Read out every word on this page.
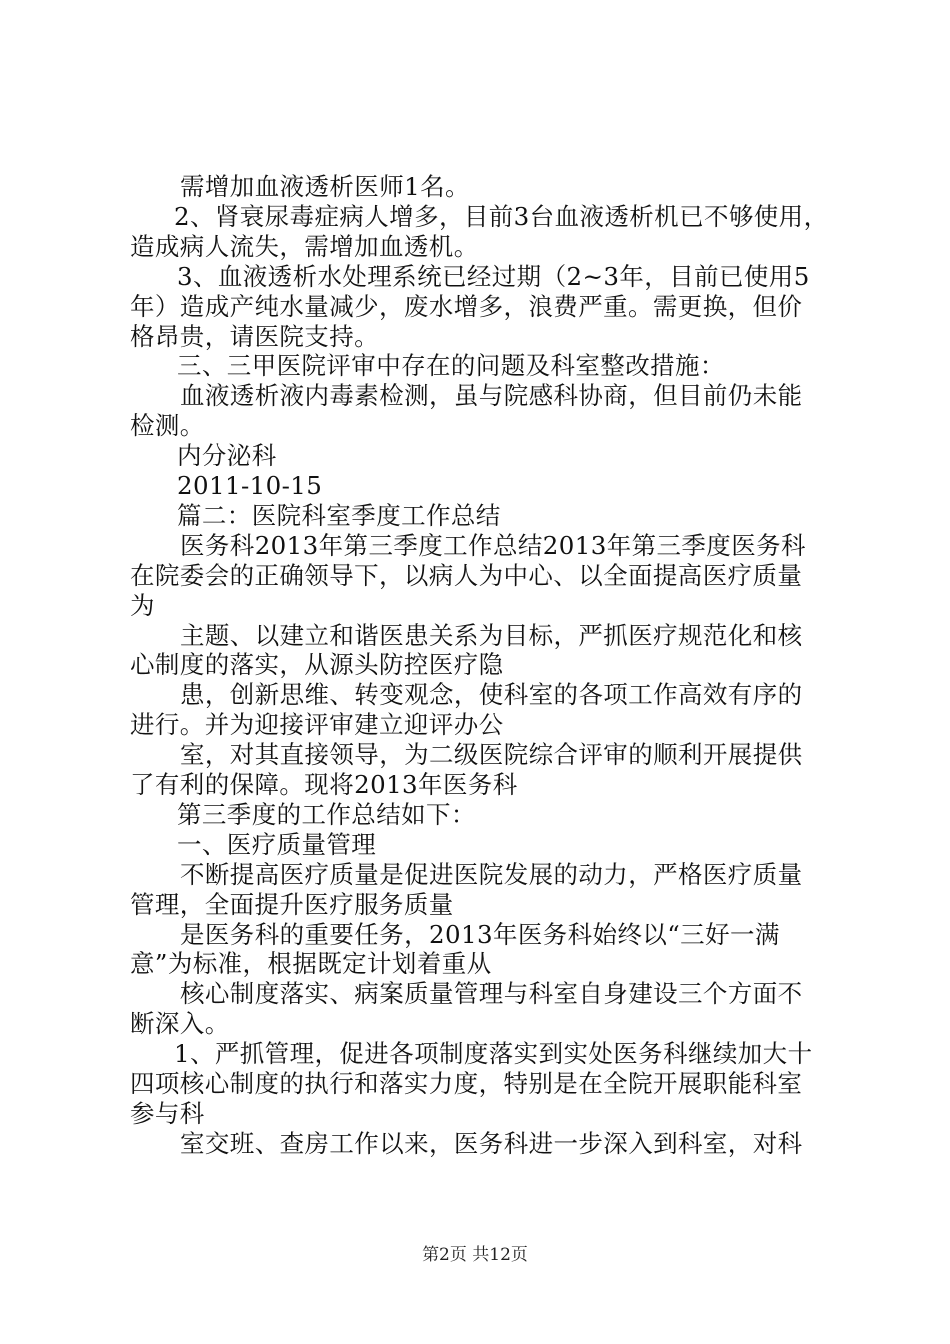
需增加血液透析医师1名。
2、肾衰尿毒症病人增多，目前3台血液透析机已不够使用，
造成病人流失，需增加血透机。
3、血液透析水处理系统已经过期（2~3年，目前已使用5
年）造成产纯水量减少，废水增多，浪费严重。需更换，但价
格昂贵，请医院支持。
三、三甲医院评审中存在的问题及科室整改措施：
血液透析液内毒素检测，虽与院感科协商，但目前仍未能
检测。
内分泌科
2011-10-15
篇二：医院科室季度工作总结
医务科2013年第三季度工作总结2013年第三季度医务科
在院委会的正确领导下，以病人为中心、以全面提高医疗质量
为
主题、以建立和谐医患关系为目标，严抓医疗规范化和核
心制度的落实，从源头防控医疗隐
患，创新思维、转变观念，使科室的各项工作高效有序的
进行。并为迎接评审建立迎评办公
室，对其直接领导，为二级医院综合评审的顺利开展提供
了有利的保障。现将2013年医务科
第三季度的工作总结如下：
一、医疗质量管理
不断提高医疗质量是促进医院发展的动力，严格医疗质量
管理，全面提升医疗服务质量
是医务科的重要任务，2013年医务科始终以“三好一满
意”为标准，根据既定计划着重从
核心制度落实、病案质量管理与科室自身建设三个方面不
断深入。
1、严抓管理，促进各项制度落实到实处医务科继续加大十
四项核心制度的执行和落实力度，特别是在全院开展职能科室
参与科
室交班、查房工作以来，医务科进一步深入到科室，对科
第2页 共12页
